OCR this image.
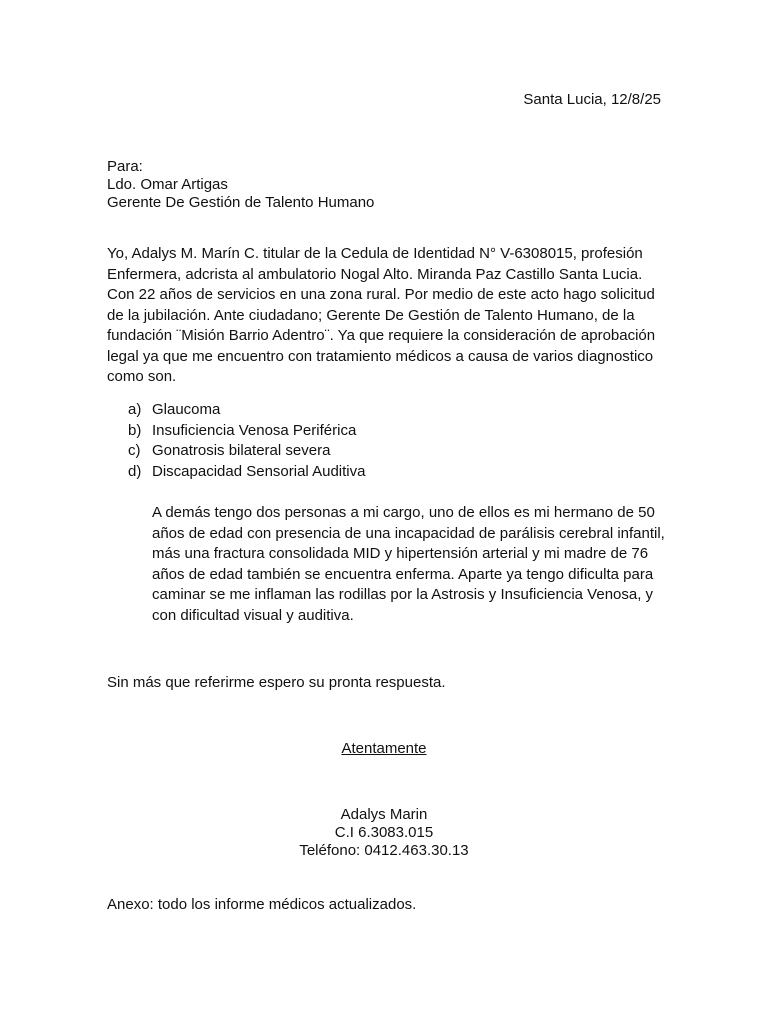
Santa Lucia, 12/8/25
Para:
Ldo. Omar Artigas
Gerente De Gestión de Talento Humano
Yo, Adalys M. Marín C. titular de la Cedula de Identidad N° V-6308015, profesión Enfermera, adcrista al ambulatorio Nogal Alto. Miranda Paz Castillo Santa Lucia. Con 22 años de servicios en una zona rural. Por medio de este acto hago solicitud de la jubilación. Ante ciudadano; Gerente De Gestión de Talento Humano, de la fundación ¨Misión Barrio Adentro¨. Ya que requiere la consideración de aprobación legal ya que me encuentro con tratamiento médicos a causa de varios diagnostico como son.
a) Glaucoma
b) Insuficiencia Venosa Periférica
c) Gonatrosis bilateral severa
d) Discapacidad Sensorial Auditiva
A demás tengo dos personas a mi cargo, uno de ellos es mi hermano de 50 años de edad con presencia de una incapacidad de parálisis cerebral infantil, más una fractura consolidada MID y hipertensión arterial y mi madre de 76 años de edad también se encuentra enferma. Aparte ya tengo dificulta para caminar se me inflaman las rodillas por la Astrosis y Insuficiencia Venosa, y con dificultad visual y auditiva.
Sin más que referirme espero su pronta respuesta.
Atentamente
Adalys Marin
C.I 6.3083.015
Teléfono: 0412.463.30.13
Anexo: todo los informe médicos actualizados.
